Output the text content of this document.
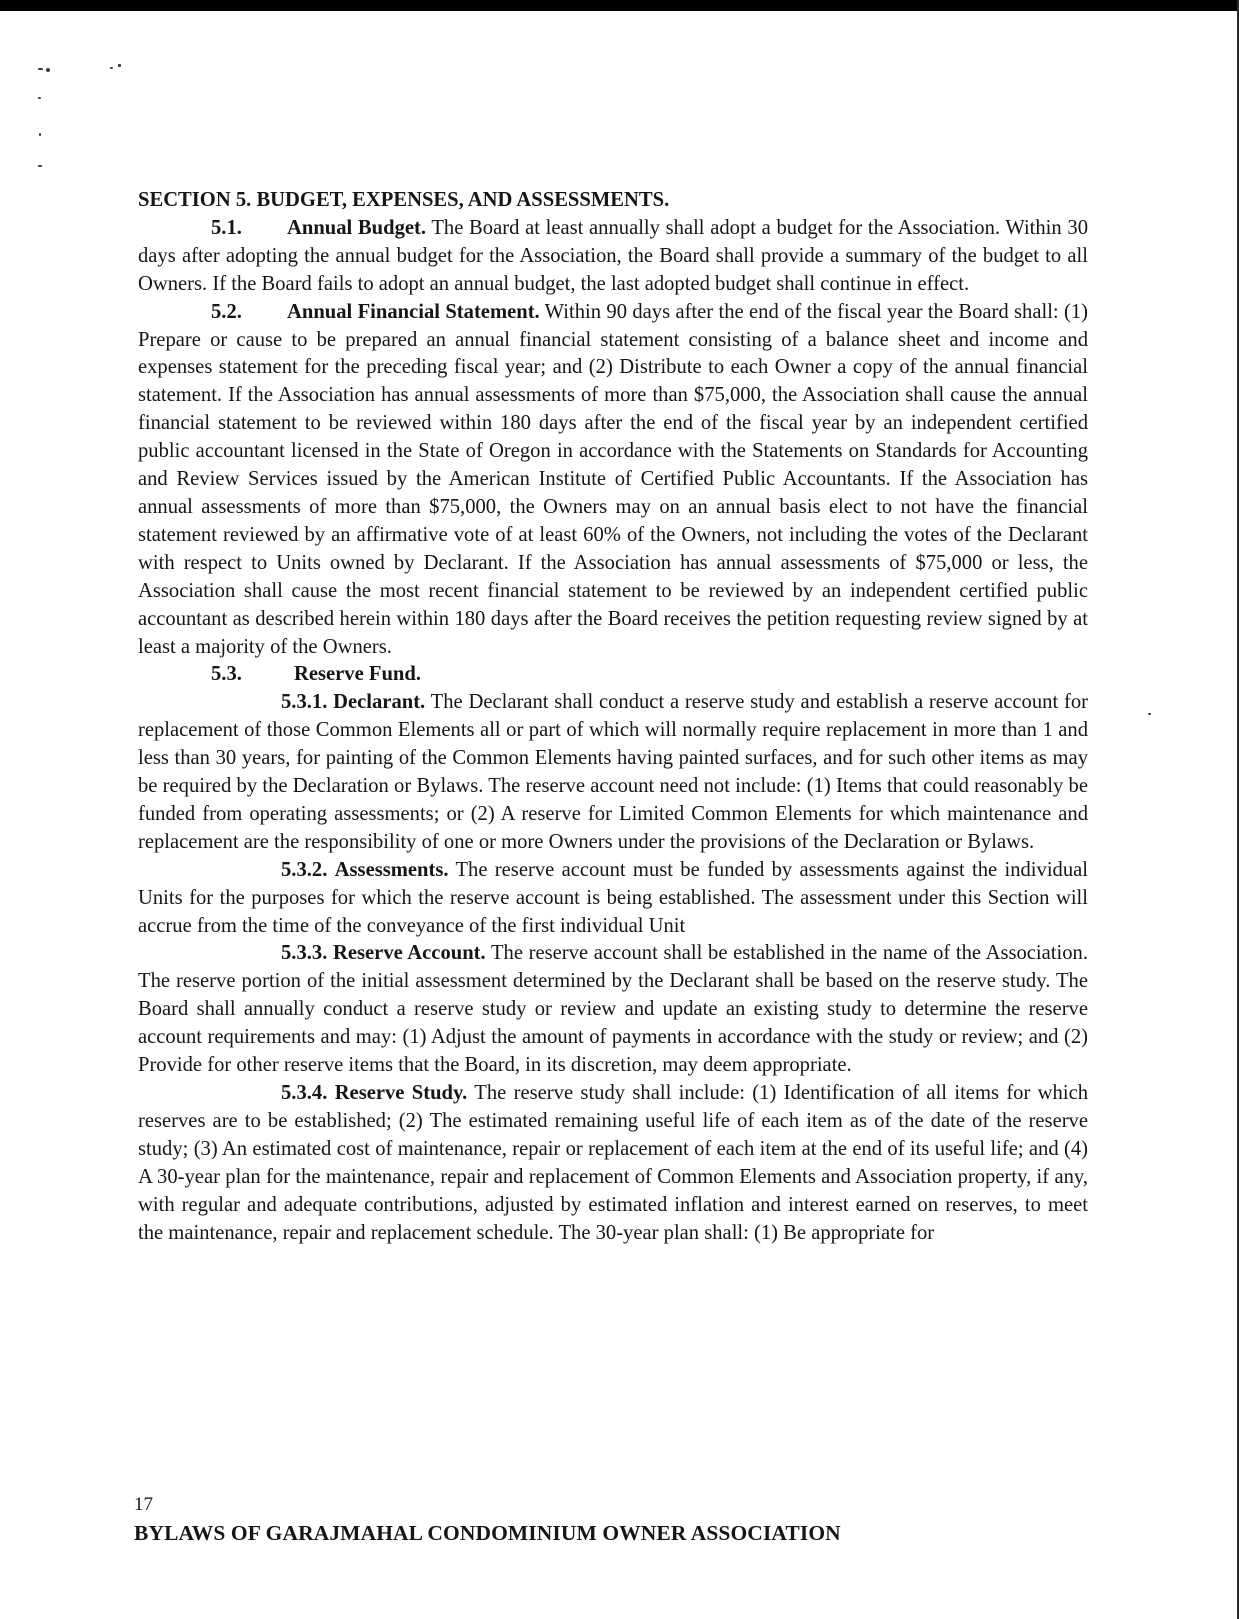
SECTION 5. BUDGET, EXPENSES, AND ASSESSMENTS.

5.1. Annual Budget. The Board at least annually shall adopt a budget for the Association. Within 30 days after adopting the annual budget for the Association, the Board shall provide a summary of the budget to all Owners. If the Board fails to adopt an annual budget, the last adopted budget shall continue in effect.

5.2. Annual Financial Statement. Within 90 days after the end of the fiscal year the Board shall: (1) Prepare or cause to be prepared an annual financial statement consisting of a balance sheet and income and expenses statement for the preceding fiscal year; and (2) Distribute to each Owner a copy of the annual financial statement. If the Association has annual assessments of more than $75,000, the Association shall cause the annual financial statement to be reviewed within 180 days after the end of the fiscal year by an independent certified public accountant licensed in the State of Oregon in accordance with the Statements on Standards for Accounting and Review Services issued by the American Institute of Certified Public Accountants. If the Association has annual assessments of more than $75,000, the Owners may on an annual basis elect to not have the financial statement reviewed by an affirmative vote of at least 60% of the Owners, not including the votes of the Declarant with respect to Units owned by Declarant. If the Association has annual assessments of $75,000 or less, the Association shall cause the most recent financial statement to be reviewed by an independent certified public accountant as described herein within 180 days after the Board receives the petition requesting review signed by at least a majority of the Owners.

5.3.	Reserve Fund.

5.3.1. Declarant. The Declarant shall conduct a reserve study and establish a reserve account for replacement of those Common Elements all or part of which will normally require replacement in more than 1 and less than 30 years, for painting of the Common Elements having painted surfaces, and for such other items as may be required by the Declaration or Bylaws. The reserve account need not include: (1) Items that could reasonably be funded from operating assessments; or (2) A reserve for Limited Common Elements for which maintenance and replacement are the responsibility of one or more Owners under the provisions of the Declaration or Bylaws.

5.3.2. Assessments. The reserve account must be funded by assessments against the individual Units for the purposes for which the reserve account is being established. The assessment under this Section will accrue from the time of the conveyance of the first individual Unit

5.3.3. Reserve Account. The reserve account shall be established in the name of the Association. The reserve portion of the initial assessment determined by the Declarant shall be based on the reserve study. The Board shall annually conduct a reserve study or review and update an existing study to determine the reserve account requirements and may: (1) Adjust the amount of payments in accordance with the study or review; and (2) Provide for other reserve items that the Board, in its discretion, may deem appropriate.

5.3.4. Reserve Study. The reserve study shall include: (1) Identification of all items for which reserves are to be established; (2) The estimated remaining useful life of each item as of the date of the reserve study; (3) An estimated cost of maintenance, repair or replacement of each item at the end of its useful life; and (4) A 30-year plan for the maintenance, repair and replacement of Common Elements and Association property, if any, with regular and adequate contributions, adjusted by estimated inflation and interest earned on reserves, to meet the maintenance, repair and replacement schedule. The 30-year plan shall: (1) Be appropriate for

17
BYLAWS OF GARAJMAHAL CONDOMINIUM OWNER ASSOCIATION
